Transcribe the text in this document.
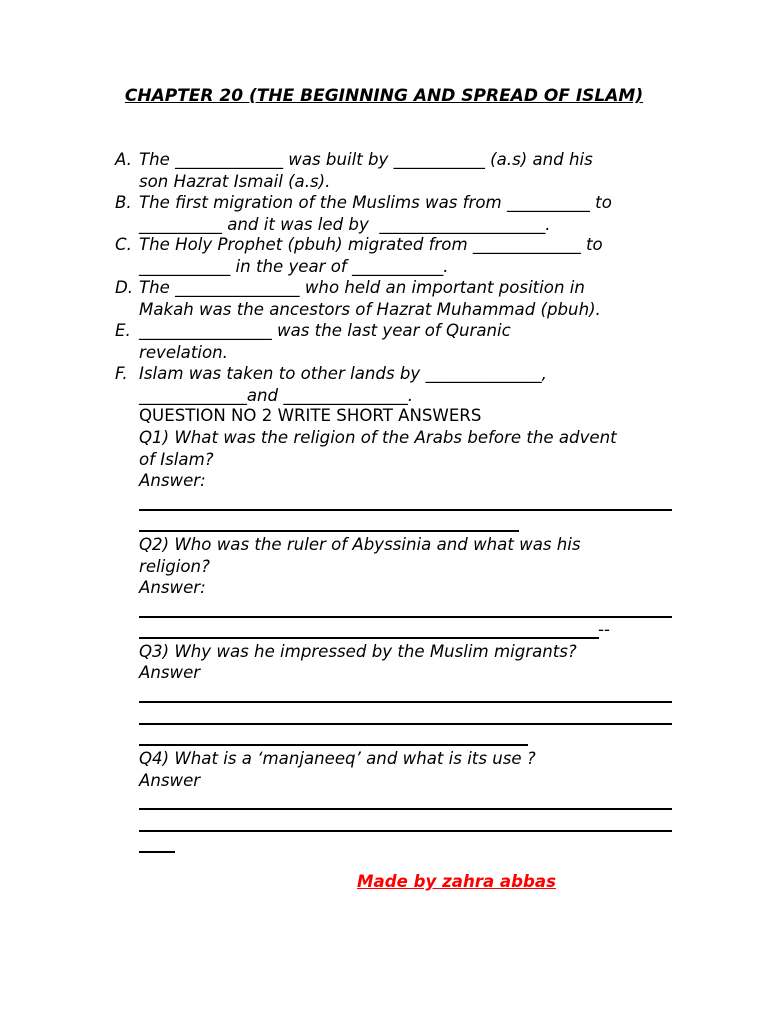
CHAPTER 20 (THE BEGINNING AND SPREAD OF ISLAM)
A. The _____________ was built by ___________ (a.s) and his
son Hazrat Ismail (a.s).
B. The first migration of the Muslims was from __________ to
__________ and it was led by  ____________________.
C. The Holy Prophet (pbuh) migrated from _____________ to
___________ in the year of ___________.
D. The _______________ who held an important position in
Makah was the ancestors of Hazrat Muhammad (pbuh).
E. ________________ was the last year of Quranic
revelation.
F. Islam was taken to other lands by ______________,
_____________and _______________.
QUESTION NO 2 WRITE SHORT ANSWERS
Q1) What was the religion of the Arabs before the advent
of Islam?
Answer:
Q2) Who was the ruler of Abyssinia and what was his
religion?
Answer:
--
Q3) Why was he impressed by the Muslim migrants?
Answer
Q4) What is a ‘manjaneeq’ and what is its use ?
Answer
Made by zahra abbas
